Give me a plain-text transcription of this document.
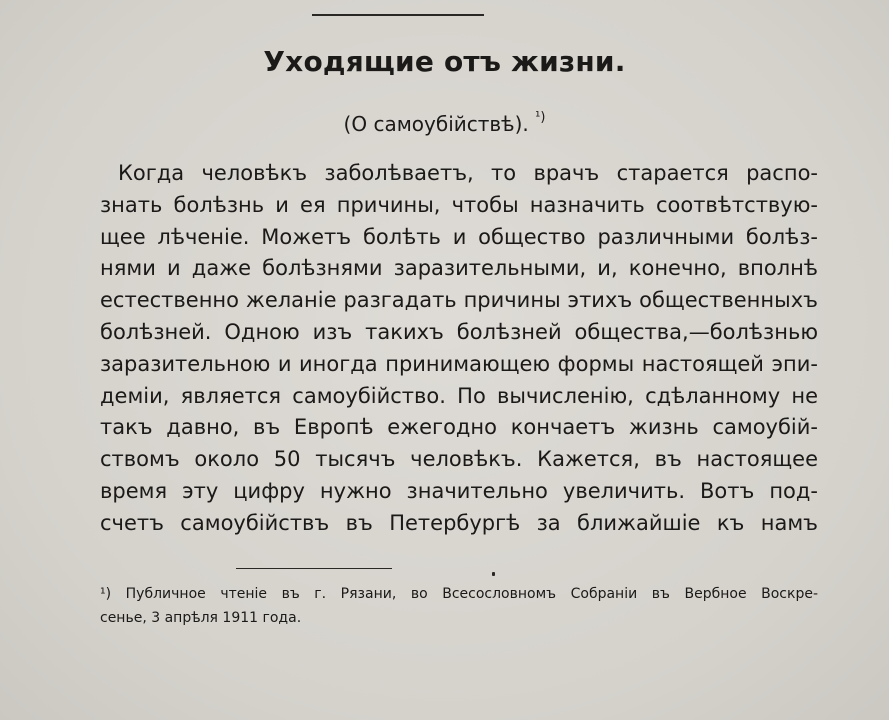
Уходящие отъ жизни.
(О самоубійствѣ). $^{^1)}$
Когда человѣкъ заболѣваетъ, то врачъ старается распо-
знать болѣзнь и ея причины, чтобы назначить соотвѣтствую-
щее лѣченіе. Можетъ болѣть и общество различными болѣз-
нями и даже болѣзнями заразительными, и, конечно, вполнѣ
естественно желаніе разгадать причины этихъ общественныхъ
болѣзней. Одною изъ такихъ болѣзней общества,—болѣзнью
заразительною и иногда принимающею формы настоящей эпи-
деміи, является самоубійство. По вычисленію, сдѣланному не
такъ давно, въ Европѣ ежегодно кончаетъ жизнь самоубій-
ствомъ около 50 тысячъ человѣкъ. Кажется, въ настоящее
время эту цифру нужно значительно увеличить. Вотъ под-
счетъ самоубійствъ въ Петербургѣ за ближайшіе къ намъ
¹) Публичное чтеніе въ г. Рязани, во Всесословномъ Собраніи въ Вербное Воскре-
сенье, 3 апрѣля 1911 года.
